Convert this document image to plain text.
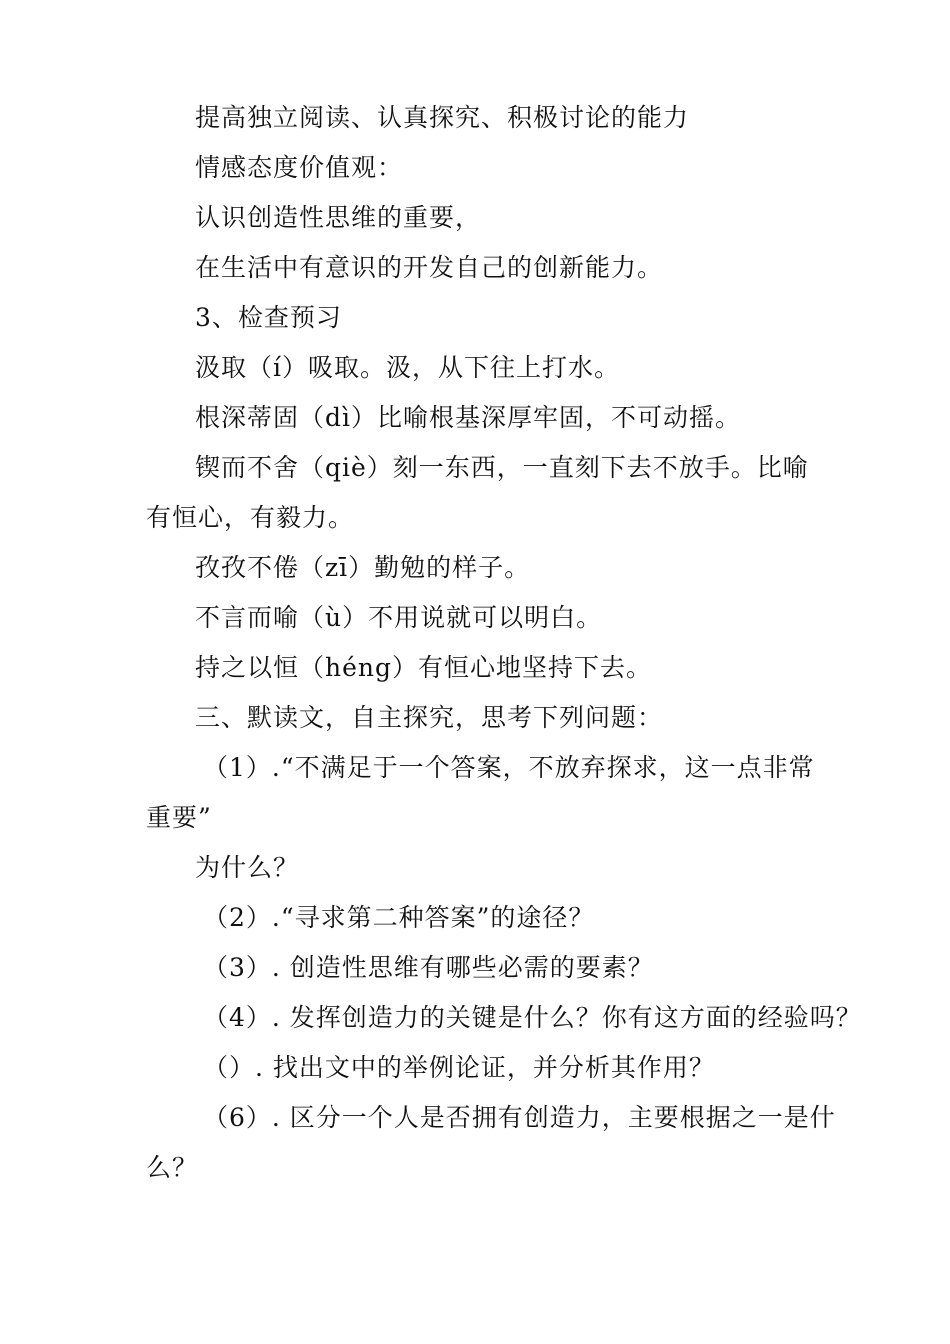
提高独立阅读、认真探究、积极讨论的能力
情感态度价值观：
认识创造性思维的重要，
在生活中有意识的开发自己的创新能力。
3、检查预习
汲取（í）吸取。汲，从下往上打水。
根深蒂固（dì）比喻根基深厚牢固，不可动摇。
锲而不舍（qiè）刻一东西，一直刻下去不放手。比喻
有恒心，有毅力。
孜孜不倦（zī）勤勉的样子。
不言而喻（ù）不用说就可以明白。
持之以恒（héng）有恒心地坚持下去。
三、默读文，自主探究，思考下列问题：
（1）.“不满足于一个答案，不放弃探求，这一点非常
重要”
为什么？
（2）.“寻求第二种答案”的途径？
（3）. 创造性思维有哪些必需的要素？
（4）. 发挥创造力的关键是什么？你有这方面的经验吗？
（）. 找出文中的举例论证，并分析其作用？
（6）. 区分一个人是否拥有创造力，主要根据之一是什
么？
